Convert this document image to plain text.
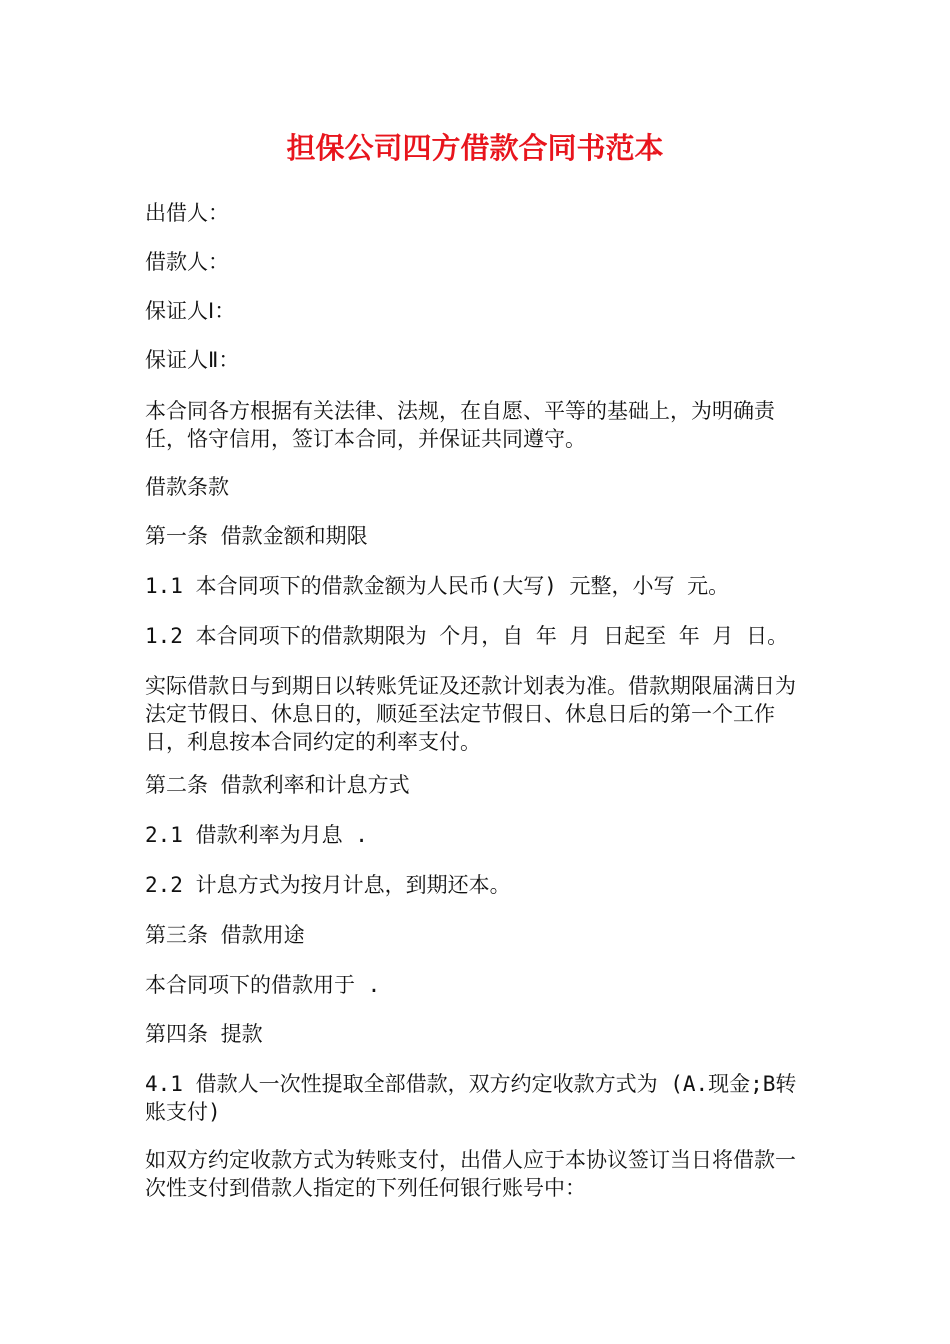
担保公司四方借款合同书范本

出借人：

借款人：

保证人Ⅰ：

保证人Ⅱ：

本合同各方根据有关法律、法规，在自愿、平等的基础上，为明确责任，恪守信用，签订本合同，并保证共同遵守。

借款条款

第一条 借款金额和期限

1.1 本合同项下的借款金额为人民币(大写) 元整，小写 元。

1.2 本合同项下的借款期限为 个月，自 年 月 日起至 年 月 日。

实际借款日与到期日以转账凭证及还款计划表为准。借款期限届满日为法定节假日、休息日的，顺延至法定节假日、休息日后的第一个工作日，利息按本合同约定的利率支付。

第二条 借款利率和计息方式

2.1 借款利率为月息 .

2.2 计息方式为按月计息，到期还本。

第三条 借款用途

本合同项下的借款用于 .

第四条 提款

4.1 借款人一次性提取全部借款，双方约定收款方式为 (A.现金;B转账支付)

如双方约定收款方式为转账支付，出借人应于本协议签订当日将借款一次性支付到借款人指定的下列任何银行账号中：
